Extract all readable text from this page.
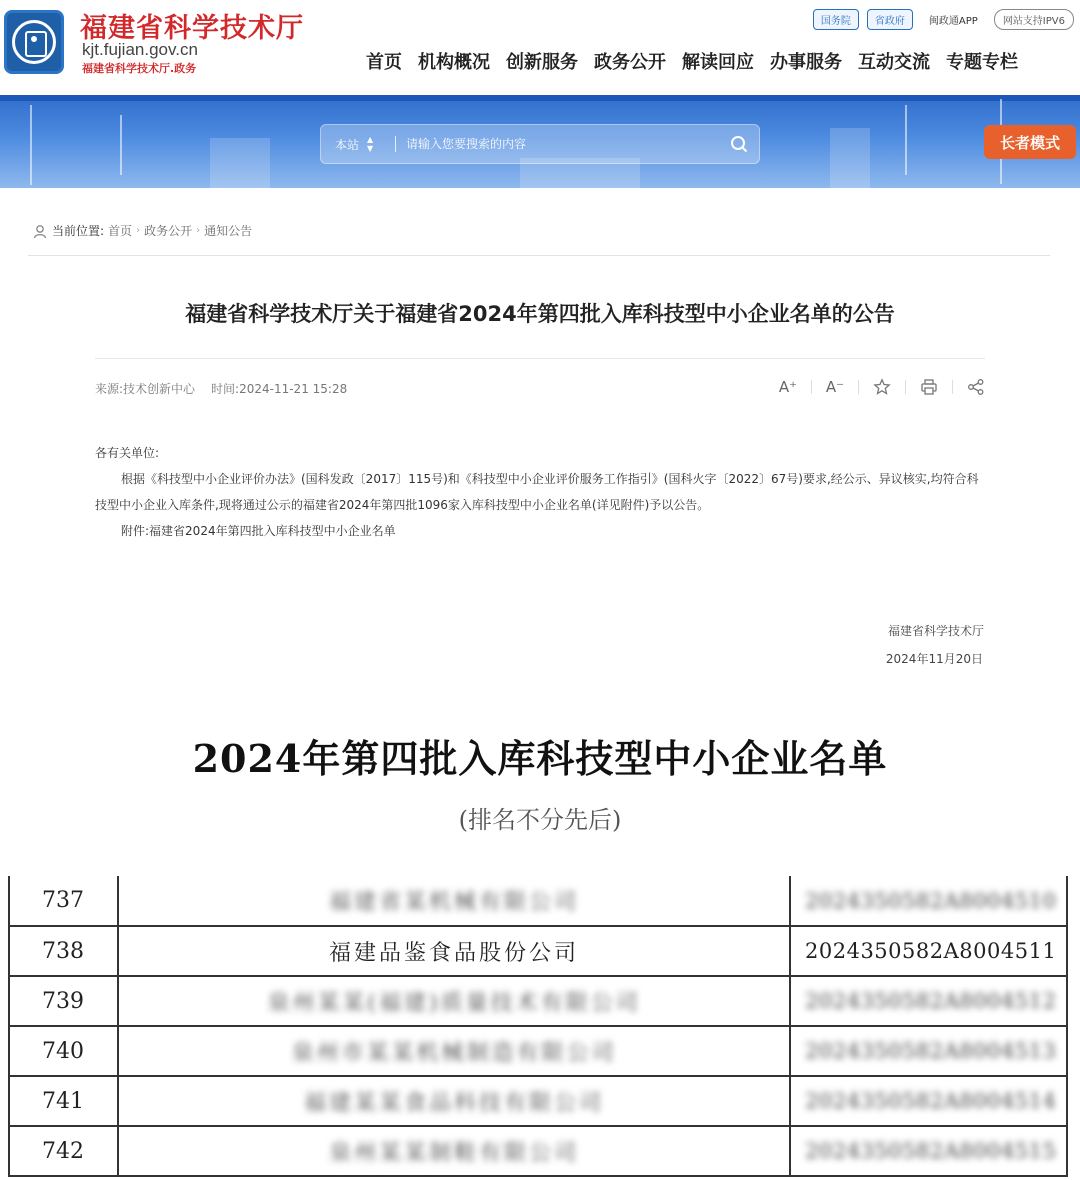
福建省科学技术厅
kjt.fujian.gov.cn
福建省科学技术厅.政务
国务院	省政府	闽政通APP	网站支持IPV6
首页 机构概况 创新服务 政务公开 解读回应 办事服务 互动交流 专题专栏
本站 ▲
▼
请输入您要搜索的内容	长者模式
当前位置: 首页 › 政务公开 › 通知公告
福建省科学技术厅关于福建省2024年第四批入库科技型中小企业名单的公告
来源:技术创新中心 时间:2024-11-21 15:28	A⁺ A⁻

各有关单位:

根据《科技型中小企业评价办法》(国科发政〔2017〕115号)和《科技型中小企业评价服务工作指引》(国科火字〔2022〕67号)要求,经公示、异议核实,均符合科技型中小企业入库条件,现将通过公示的福建省2024年第四批1096家入库科技型中小企业名单(详见附件)予以公告。

附件:福建省2024年第四批入库科技型中小企业名单

福建省科学技术厅
2024年11月20日
2024年第四批入库科技型中小企业名单
(排名不分先后)
737	福建省某机械有限公司	2024350582A8004510
738	福建品鉴食品股份公司	2024350582A8004511
739	泉州某某(福建)质量技术有限公司	2024350582A8004512
740	泉州市某某机械制造有限公司	2024350582A8004513
741	福建某某食品科技有限公司	2024350582A8004514
742	泉州某某制鞋有限公司	2024350582A8004515
